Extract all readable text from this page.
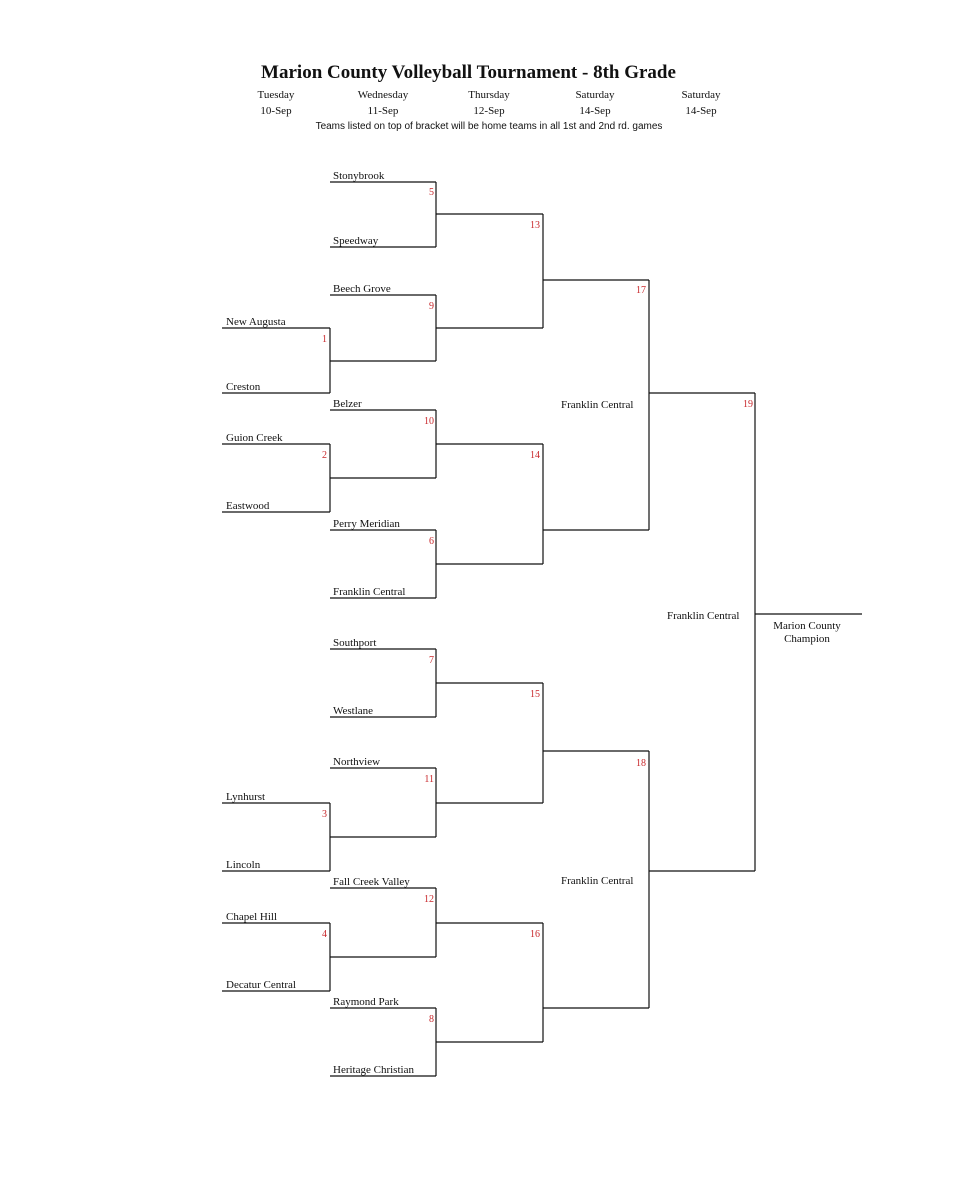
Marion County Volleyball Tournament - 8th Grade
Tuesday
10-Sep
Wednesday
11-Sep
Thursday
12-Sep
Saturday
14-Sep
Saturday
14-Sep
Teams listed on top of bracket will be home teams in all 1st and 2nd rd. games
New Augusta
Creston
Guion Creek
Eastwood
Lynhurst
Lincoln
Chapel Hill
Decatur Central
Stonybrook
Speedway
Beech Grove
Belzer
Perry Meridian
Franklin Central
Southport
Westlane
Northview
Fall Creek Valley
Raymond Park
Heritage Christian
1
2
3
4
5
6
7
8
9
10
11
12
13
14
15
16
17
18
19
Franklin Central
Franklin Central
Franklin Central
Marion County Champion
